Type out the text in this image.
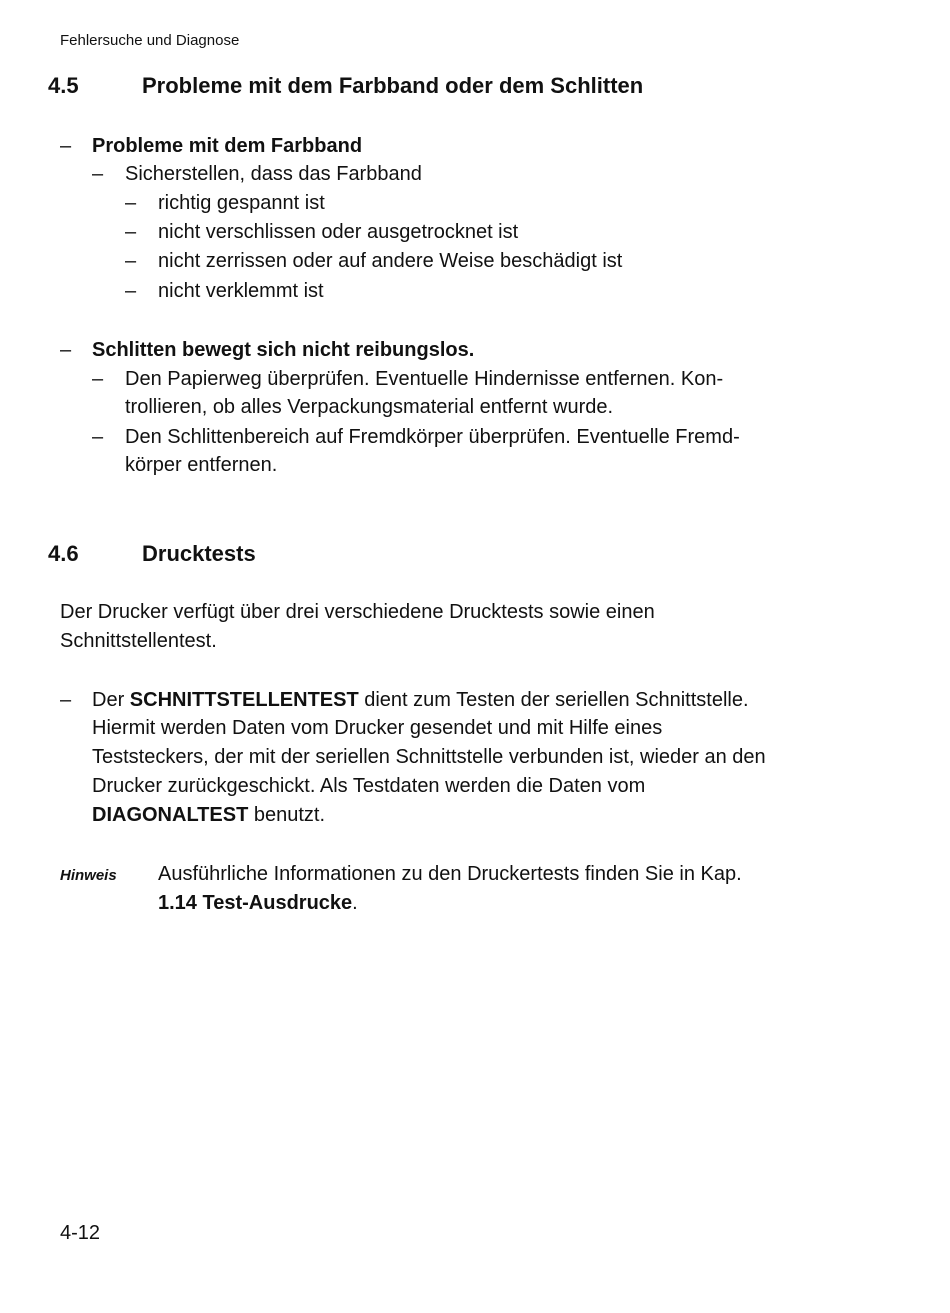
Fehlersuche und Diagnose
4.5	Probleme mit dem Farbband oder dem Schlitten
– Probleme mit dem Farbband
– Sicherstellen, dass das Farbband
– richtig gespannt ist
– nicht verschlissen oder ausgetrocknet ist
– nicht zerrissen oder auf andere Weise beschädigt ist
– nicht verklemmt ist
– Schlitten bewegt sich nicht reibungslos.
– Den Papierweg überprüfen. Eventuelle Hindernisse entfernen. Kon-
trollieren, ob alles Verpackungsmaterial entfernt wurde.
– Den Schlittenbereich auf Fremdkörper überprüfen. Eventuelle Fremd-
körper entfernen.
4.6	Drucktests
Der Drucker verfügt über drei verschiedene Drucktests sowie einen
Schnittstellentest.
– Der SCHNITTSTELLENTEST dient zum Testen der seriellen Schnittstelle.
Hiermit werden Daten vom Drucker gesendet und mit Hilfe eines
Teststeckers, der mit der seriellen Schnittstelle verbunden ist, wieder an den
Drucker zurückgeschickt. Als Testdaten werden die Daten vom
DIAGONALTEST benutzt.
Hinweis Ausführliche Informationen zu den Druckertests finden Sie in Kap.
1.14 Test-Ausdrucke.
4-12
